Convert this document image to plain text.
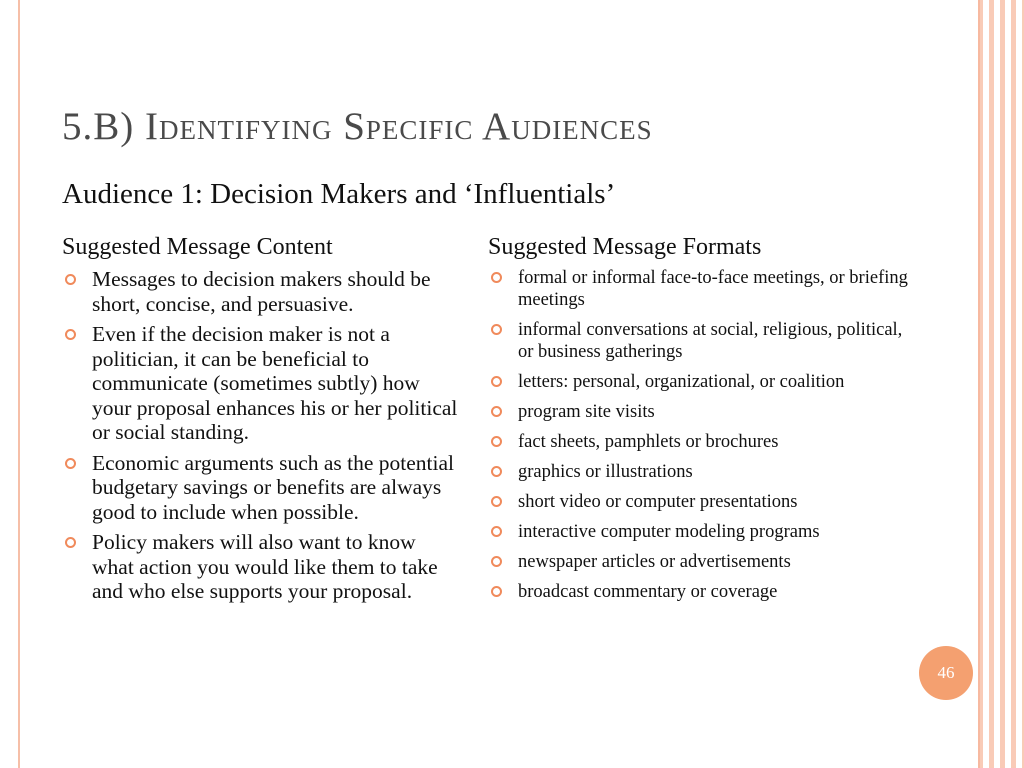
5.B) Identifying Specific Audiences
Audience 1: Decision Makers and ‘Influentials’
Suggested Message Content
Messages to decision makers should be short, concise, and persuasive.
Even if the decision maker is not a politician, it can be beneficial to communicate (sometimes subtly) how your proposal enhances his or her political or social standing.
Economic arguments such as the potential budgetary savings or benefits are always good to include when possible.
Policy makers will also want to know what action you would like them to take and who else supports your proposal.
Suggested Message Formats
formal or informal face-to-face meetings, or briefing meetings
informal conversations at social, religious, political, or business gatherings
letters: personal, organizational, or coalition
program site visits
fact sheets, pamphlets or brochures
graphics or illustrations
short video or computer presentations
interactive computer modeling programs
newspaper articles or advertisements
broadcast commentary or coverage
46
